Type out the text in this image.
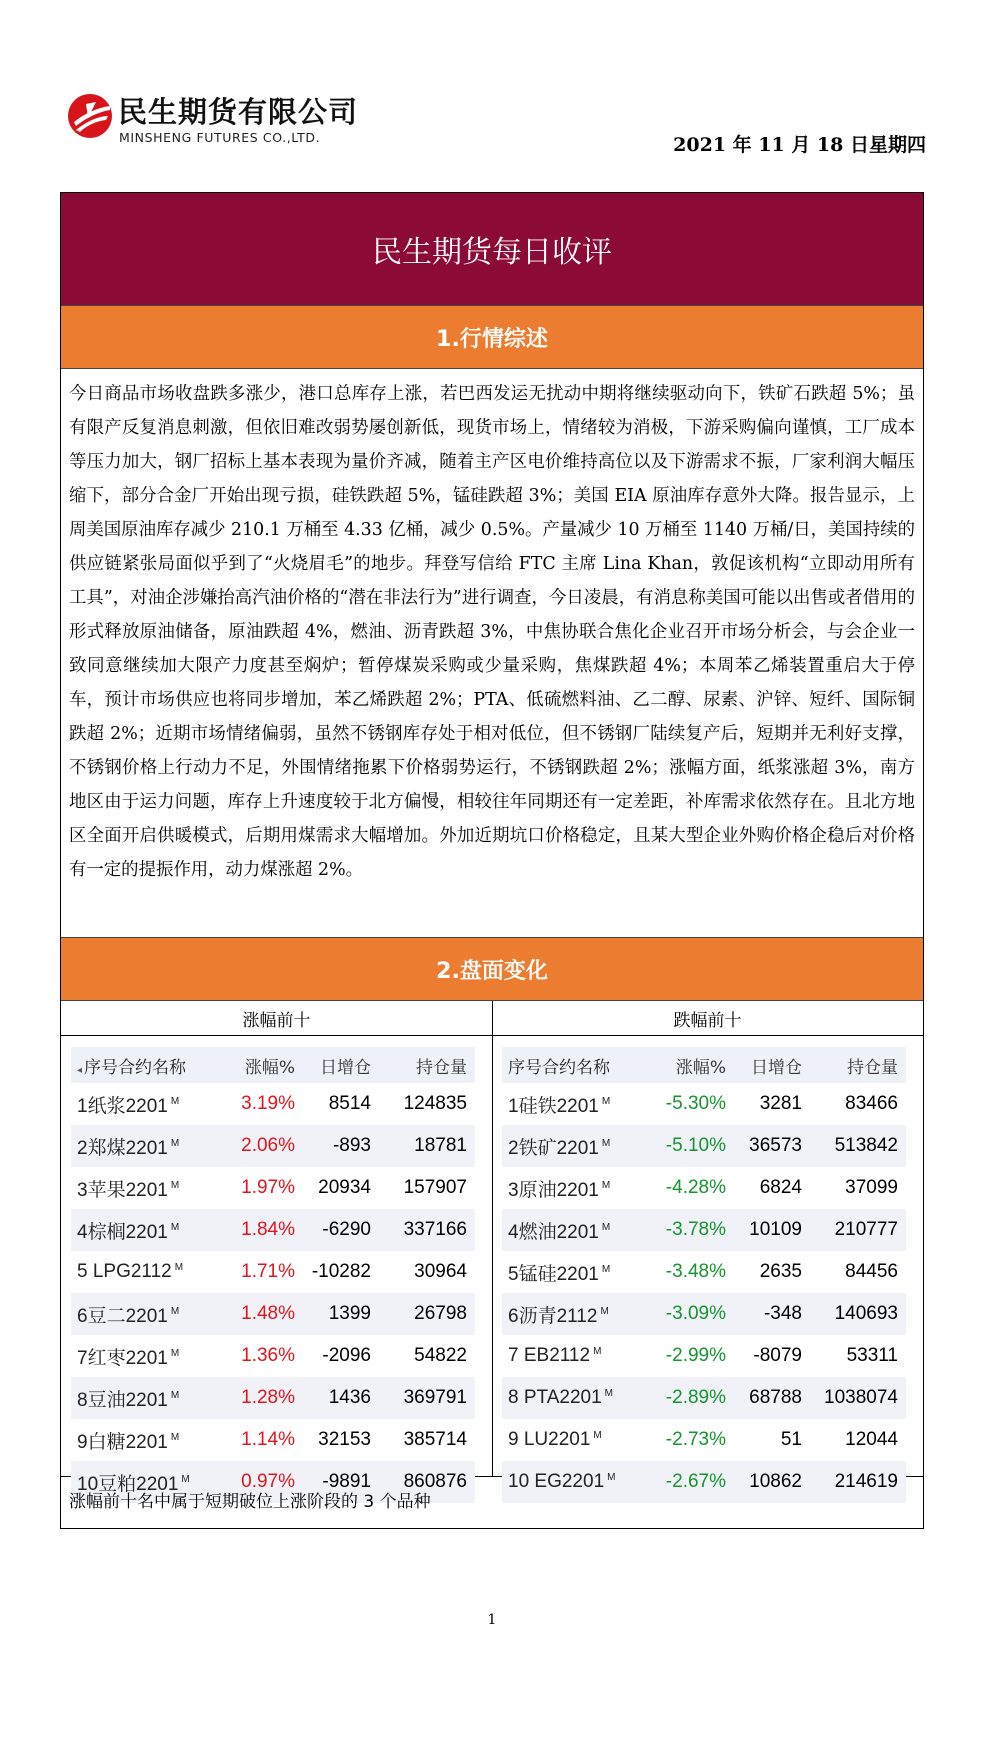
民生期货有限公司
MINSHENG FUTURES CO.,LTD.	2021 年 11 月 18 日星期四
民生期货每日收评
1.行情综述
今日商品市场收盘跌多涨少，港口总库存上涨，若巴西发运无扰动中期将继续驱动向下，铁矿石跌超 5%；虽有限产反复消息刺激，但依旧难改弱势屡创新低，现货市场上，情绪较为消极，下游采购偏向谨慎，工厂成本等压力加大，钢厂招标上基本表现为量价齐减，随着主产区电价维持高位以及下游需求不振，厂家利润大幅压缩下，部分合金厂开始出现亏损，硅铁跌超 5%，锰硅跌超 3%；美国 EIA 原油库存意外大降。报告显示，上周美国原油库存减少 210.1 万桶至 4.33 亿桶，减少 0.5%。产量减少 10 万桶至 1140 万桶/日，美国持续的供应链紧张局面似乎到了“火烧眉毛”的地步。拜登写信给 FTC 主席 Lina Khan，敦促该机构“立即动用所有工具”，对油企涉嫌抬高汽油价格的“潜在非法行为”进行调查，今日凌晨，有消息称美国可能以出售或者借用的形式释放原油储备，原油跌超 4%，燃油、沥青跌超 3%，中焦协联合焦化企业召开市场分析会，与会企业一致同意继续加大限产力度甚至焖炉；暂停煤炭采购或少量采购，焦煤跌超 4%；本周苯乙烯装置重启大于停车，预计市场供应也将同步增加，苯乙烯跌超 2%；PTA、低硫燃料油、乙二醇、尿素、沪锌、短纤、国际铜跌超 2%；近期市场情绪偏弱，虽然不锈钢库存处于相对低位，但不锈钢厂陆续复产后，短期并无利好支撑，不锈钢价格上行动力不足，外围情绪拖累下价格弱势运行，不锈钢跌超 2%；涨幅方面，纸浆涨超 3%，南方地区由于运力问题，库存上升速度较于北方偏慢，相较往年同期还有一定差距，补库需求依然存在。且北方地区全面开启供暖模式，后期用煤需求大幅增加。外加近期坑口价格稳定，且某大型企业外购价格企稳后对价格有一定的提振作用，动力煤涨超 2%。
2.盘面变化
涨幅前十
◂ 序号合约名称	涨幅%	日增仓	持仓量
1纸浆2201 $^M$	3.19%	8514	124835
2郑煤2201 $^M$	2.06%	-893	18781
3苹果2201 $^M$	1.97%	20934	157907
4棕榈2201 $^M$	1.84%	-6290	337166
5 LPG2112 $^M$	1.71% -10282	30964
6豆二2201 $^M$	1.48%	1399	26798
7红枣2201 $^M$	1.36%	-2096	54822
8豆油2201 $^M$	1.28%	1436	369791
9白糖2201 $^M$	1.14%	32153	385714
10豆粕2201 $^M$	0.97%	-9891	860876
跌幅前十
序号合约名称	涨幅%	日增仓	持仓量
1硅铁2201 $^M$	-5.30%	3281	83466
2铁矿2201 $^M$	-5.10%	36573	513842
3原油2201 $^M$	-4.28%	6824	37099
4燃油2201 $^M$	-3.78%	10109	210777
5锰硅2201 $^M$	-3.48%	2635	84456
6沥青2112 $^M$	-3.09%	-348	140693
7 EB2112 $^M$	-2.99%	-8079	53311
8 PTA2201 $^M$	-2.89%	68788	1038074
9 LU2201 $^M$	-2.73%	51	12044
10 EG2201 $^M$	-2.67%	10862	214619
涨幅前十名中属于短期破位上涨阶段的 3 个品种
1
